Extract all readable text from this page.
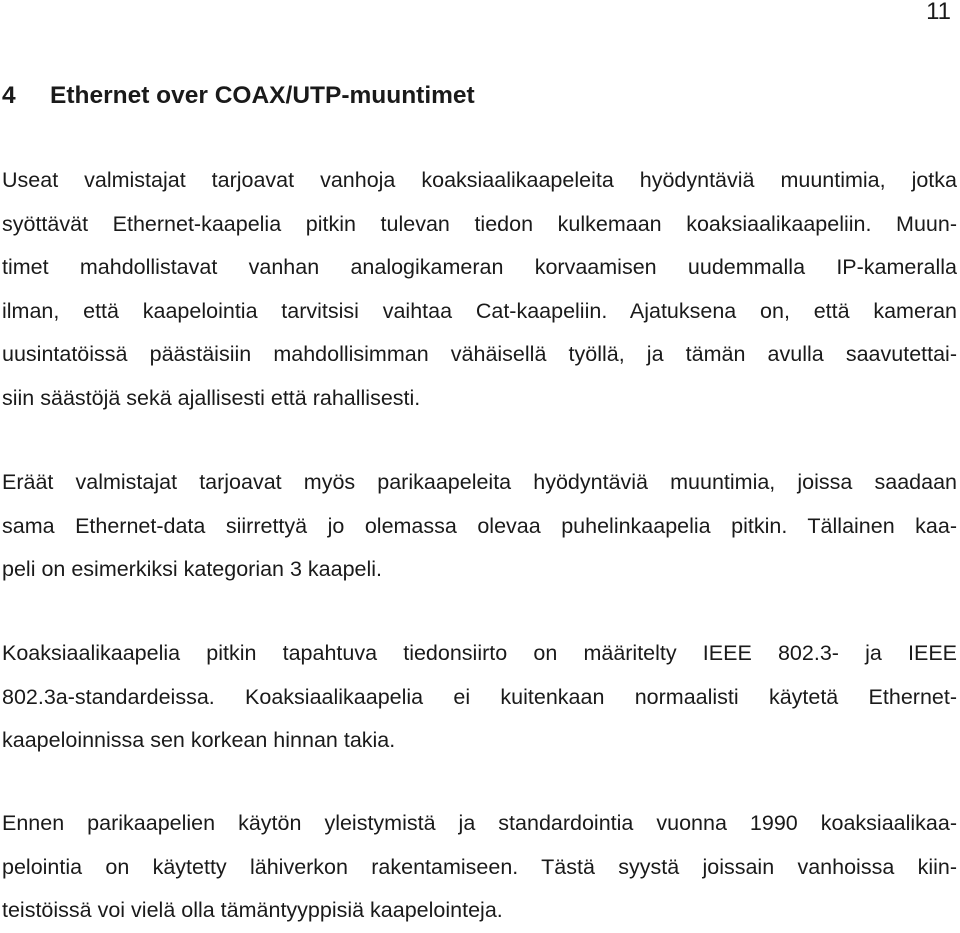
11
4 Ethernet over COAX/UTP-muuntimet
Useat valmistajat tarjoavat vanhoja koaksiaalikaapeleita hyödyntäviä muuntimia, jotka
syöttävät Ethernet-kaapelia pitkin tulevan tiedon kulkemaan koaksiaalikaapeliin. Muun-
timet mahdollistavat vanhan analogikameran korvaamisen uudemmalla IP-kameralla
ilman, että kaapelointia tarvitsisi vaihtaa Cat-kaapeliin. Ajatuksena on, että kameran
uusintatöissä päästäisiin mahdollisimman vähäisellä työllä, ja tämän avulla saavutettai-
siin säästöjä sekä ajallisesti että rahallisesti.
Eräät valmistajat tarjoavat myös parikaapeleita hyödyntäviä muuntimia, joissa saadaan
sama Ethernet-data siirrettyä jo olemassa olevaa puhelinkaapelia pitkin. Tällainen kaa-
peli on esimerkiksi kategorian 3 kaapeli.
Koaksiaalikaapelia pitkin tapahtuva tiedonsiirto on määritelty IEEE 802.3- ja IEEE
802.3a-standardeissa. Koaksiaalikaapelia ei kuitenkaan normaalisti käytetä Ethernet-
kaapeloinnissa sen korkean hinnan takia.
Ennen parikaapelien käytön yleistymistä ja standardointia vuonna 1990 koaksiaalikaa-
pelointia on käytetty lähiverkon rakentamiseen. Tästä syystä joissain vanhoissa kiin-
teistöissä voi vielä olla tämäntyyppisiä kaapelointeja.
